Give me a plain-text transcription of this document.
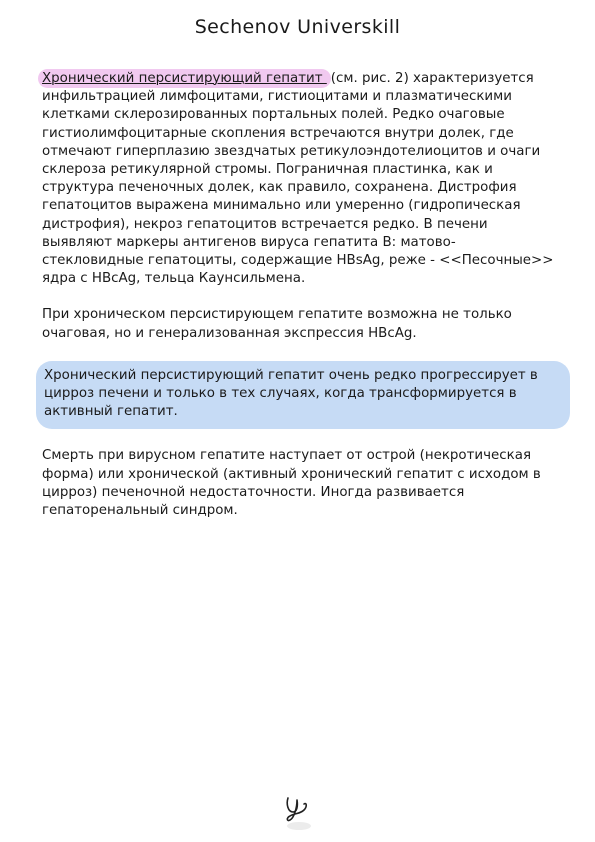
Sechenov Universkill

Хронический персистирующий гепатит (см. рис. 2) характеризуется инфильтрацией лимфоцитами, гистиоцитами и плазматическими клетками склерозированных портальных полей. Редко очаговые гистиолимфоцитарные скопления встречаются внутри долек, где отмечают гиперплазию звездчатых ретикулоэндотелиоцитов и очаги склероза ретикулярной стромы. Пограничная пластинка, как и структура печеночных долек, как правило, сохранена. Дистрофия гепатоцитов выражена минимально или умеренно (гидропическая дистрофия), некроз гепатоцитов встречается редко. В печени выявляют маркеры антигенов вируса гепатита В: матово-стекловидные гепатоциты, содержащие HBsAg, реже - <<Песочные>> ядра с HBcAg, тельца Каунсильмена.

При хроническом персистирующем гепатите возможна не только очаговая, но и генерализованная экспрессия HBcAg.

Хронический персистирующий гепатит очень редко прогрессирует в цирроз печени и только в тех случаях, когда трансформируется в активный гепатит.

Смерть при вирусном гепатите наступает от острой (некротическая форма) или хронической (активный хронический гепатит с исходом в цирроз) печеночной недостаточности. Иногда развивается гепаторенальный синдром.
